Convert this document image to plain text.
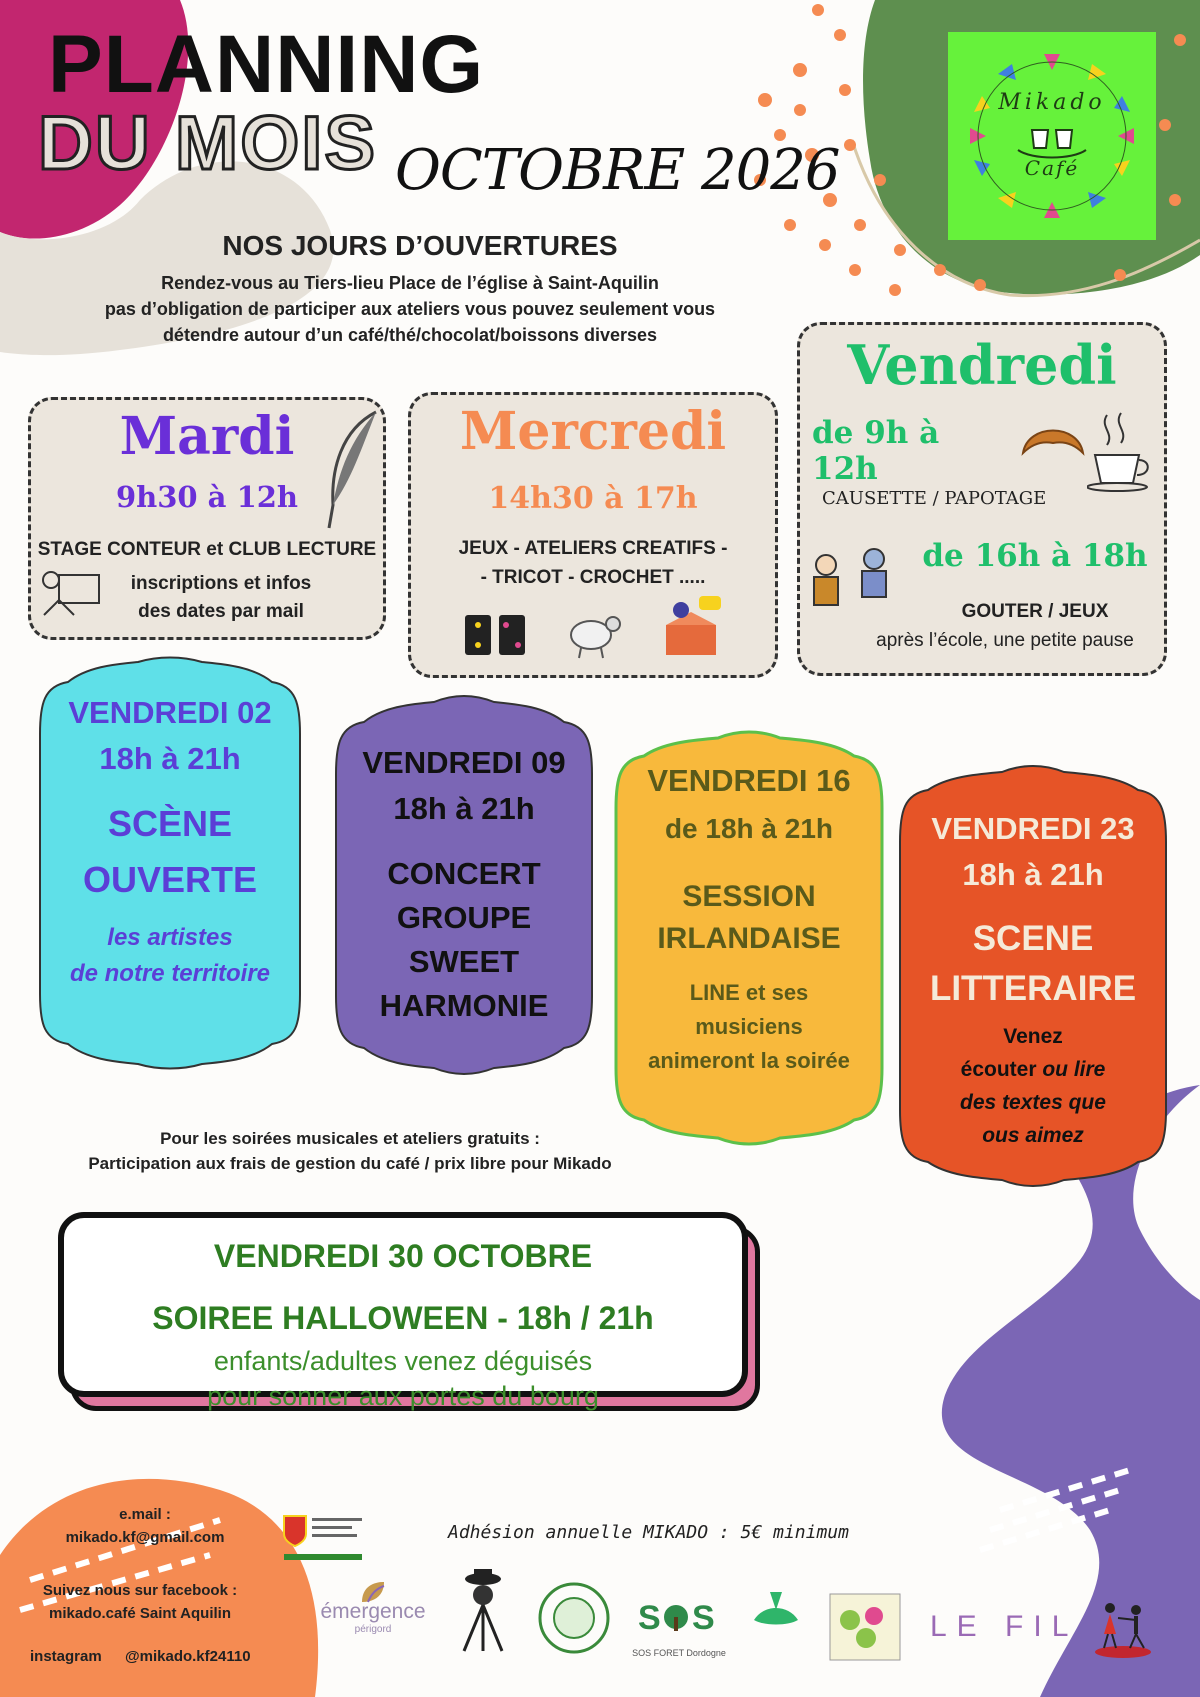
PLANNING
DU MOIS OCTOBRE 2026
Mikado
Café
NOS JOURS D’OUVERTURES
Rendez-vous au Tiers-lieu Place de l’église à Saint-Aquilin
pas d’obligation de participer aux ateliers vous pouvez seulement vous
détendre autour d’un café/thé/chocolat/boissons diverses
Mardi
9h30 à 12h
STAGE CONTEUR et CLUB LECTURE
inscriptions et infos
des dates par mail
Mercredi
14h30 à 17h
JEUX - ATELIERS CREATIFS -
- TRICOT - CROCHET .....
Vendredi
de 9h à 12h
CAUSETTE / PAPOTAGE
de 16h à 18h
GOUTER / JEUX
après l’école, une petite pause
VENDREDI 02
18h à 21h
SCÈNE
OUVERTE
les artistes
de notre territoire
VENDREDI 09
18h à 21h
CONCERT
GROUPE
SWEET
HARMONIE
VENDREDI 16
de 18h à 21h
SESSION
IRLANDAISE
LINE et ses
musiciens
animeront la soirée
VENDREDI 23
18h à 21h
SCENE
LITTERAIRE
Venez
écouter ou lire
des textes que
ous aimez
Pour les soirées musicales et ateliers gratuits :
Participation aux frais de gestion du café / prix libre pour Mikado
VENDREDI 30 OCTOBRE
SOIREE HALLOWEEN - 18h / 21h
enfants/adultes venez déguisés
pour sonner aux portes du bourg
e.mail :
mikado.kf@gmail.com
Suivez nous sur facebook :
mikado.café Saint Aquilin
instagram @mikado.kf24110
Adhésion annuelle MIKADO : 5€ minimum
émergence
périgord	S S
SOS FORET Dordogne
LE FIL
